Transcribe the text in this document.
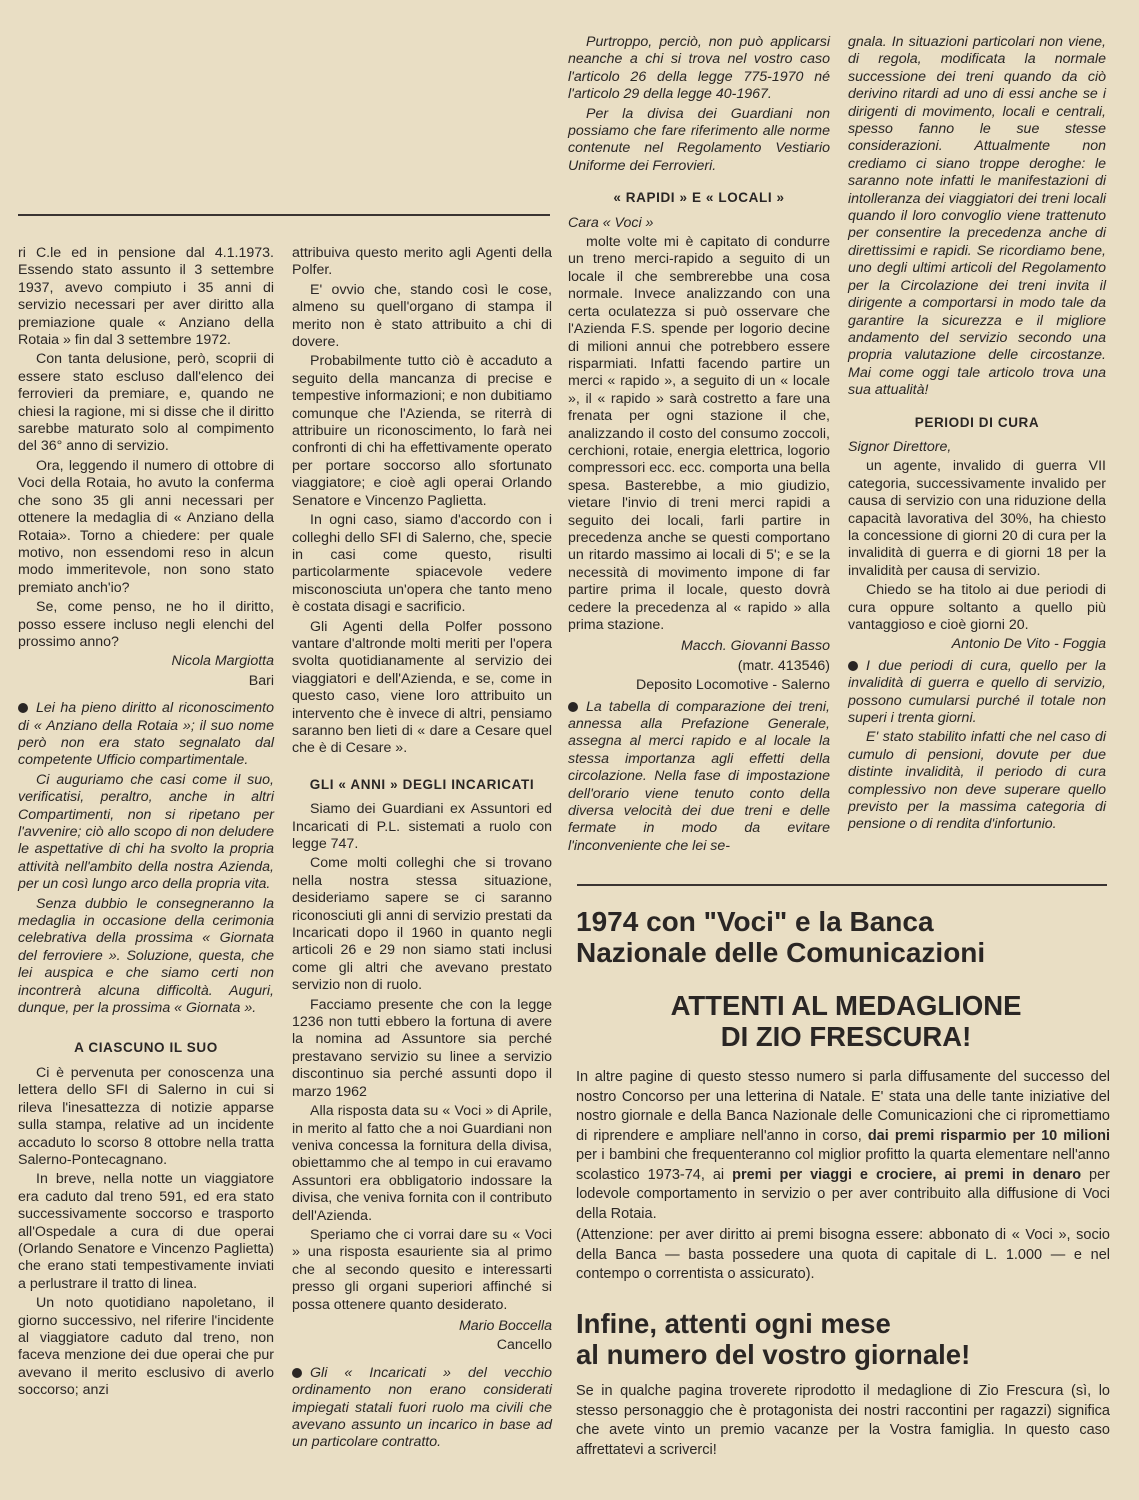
ri C.le ed in pensione dal 4.1.1973. Essendo stato assunto il 3 settembre 1937, avevo compiuto i 35 anni di servizio necessari per aver diritto alla premiazione quale « Anziano della Rotaia » fin dal 3 settembre 1972.

Con tanta delusione, però, scoprii di essere stato escluso dall'elenco dei ferrovieri da premiare, e, quando ne chiesi la ragione, mi si disse che il diritto sarebbe maturato solo al compimento del 36° anno di servizio.

Ora, leggendo il numero di ottobre di Voci della Rotaia, ho avuto la conferma che sono 35 gli anni necessari per ottenere la medaglia di « Anziano della Rotaia». Torno a chiedere: per quale motivo, non essendomi reso in alcun modo immeritevole, non sono stato premiato anch'io?

Se, come penso, ne ho il diritto, posso essere incluso negli elenchi del prossimo anno?

Nicola Margiotta

Bari

Lei ha pieno diritto al riconoscimento di « Anziano della Rotaia »; il suo nome però non era stato segnalato dal competente Ufficio compartimentale.

Ci auguriamo che casi come il suo, verificatisi, peraltro, anche in altri Compartimenti, non si ripetano per l'avvenire; ciò allo scopo di non deludere le aspettative di chi ha svolto la propria attività nell'ambito della nostra Azienda, per un così lungo arco della propria vita.

Senza dubbio le consegneranno la medaglia in occasione della cerimonia celebrativa della prossima « Giornata del ferroviere ». Soluzione, questa, che lei auspica e che siamo certi non incontrerà alcuna difficoltà. Auguri, dunque, per la prossima « Giornata ».

A CIASCUNO IL SUO

Ci è pervenuta per conoscenza una lettera dello SFI di Salerno in cui si rileva l'inesattezza di notizie apparse sulla stampa, relative ad un incidente accaduto lo scorso 8 ottobre nella tratta Salerno-Pontecagnano.

In breve, nella notte un viaggiatore era caduto dal treno 591, ed era stato successivamente soccorso e trasporto all'Ospedale a cura di due operai (Orlando Senatore e Vincenzo Paglietta) che erano stati tempestivamente inviati a perlustrare il tratto di linea.

Un noto quotidiano napoletano, il giorno successivo, nel riferire l'incidente al viaggiatore caduto dal treno, non faceva menzione dei due operai che pur avevano il merito esclusivo di averlo soccorso; anzi

attribuiva questo merito agli Agenti della Polfer.

E' ovvio che, stando così le cose, almeno su quell'organo di stampa il merito non è stato attribuito a chi di dovere.

Probabilmente tutto ciò è accaduto a seguito della mancanza di precise e tempestive informazioni; e non dubitiamo comunque che l'Azienda, se riterrà di attribuire un riconoscimento, lo farà nei confronti di chi ha effettivamente operato per portare soccorso allo sfortunato viaggiatore; e cioè agli operai Orlando Senatore e Vincenzo Paglietta.

In ogni caso, siamo d'accordo con i colleghi dello SFI di Salerno, che, specie in casi come questo, risulti particolarmente spiacevole vedere misconosciuta un'opera che tanto meno è costata disagi e sacrificio.

Gli Agenti della Polfer possono vantare d'altronde molti meriti per l'opera svolta quotidianamente al servizio dei viaggiatori e dell'Azienda, e se, come in questo caso, viene loro attribuito un intervento che è invece di altri, pensiamo saranno ben lieti di « dare a Cesare quel che è di Cesare ».

GLI « ANNI » DEGLI INCARICATI

Siamo dei Guardiani ex Assuntori ed Incaricati di P.L. sistemati a ruolo con legge 747.

Come molti colleghi che si trovano nella nostra stessa situazione, desideriamo sapere se ci saranno riconosciuti gli anni di servizio prestati da Incaricati dopo il 1960 in quanto negli articoli 26 e 29 non siamo stati inclusi come gli altri che avevano prestato servizio non di ruolo.

Facciamo presente che con la legge 1236 non tutti ebbero la fortuna di avere la nomina ad Assuntore sia perché prestavano servizio su linee a servizio discontinuo sia perché assunti dopo il marzo 1962

Alla risposta data su « Voci » di Aprile, in merito al fatto che a noi Guardiani non veniva concessa la fornitura della divisa, obiettammo che al tempo in cui eravamo Assuntori era obbligatorio indossare la divisa, che veniva fornita con il contributo dell'Azienda.

Speriamo che ci vorrai dare su « Voci » una risposta esauriente sia al primo che al secondo quesito e interessarti presso gli organi superiori affinché si possa ottenere quanto desiderato.

Mario Boccella

Cancello

Gli « Incaricati » del vecchio ordinamento non erano considerati impiegati statali fuori ruolo ma civili che avevano assunto un incarico in base ad un particolare contratto.

Purtroppo, perciò, non può applicarsi neanche a chi si trova nel vostro caso l'articolo 26 della legge 775-1970 né l'articolo 29 della legge 40-1967.

Per la divisa dei Guardiani non possiamo che fare riferimento alle norme contenute nel Regolamento Vestiario Uniforme dei Ferrovieri.

« RAPIDI » E « LOCALI »

Cara « Voci »

molte volte mi è capitato di condurre un treno merci-rapido a seguito di un locale il che sembrerebbe una cosa normale. Invece analizzando con una certa oculatezza si può osservare che l'Azienda F.S. spende per logorio decine di milioni annui che potrebbero essere risparmiati. Infatti facendo partire un merci « rapido », a seguito di un « locale », il « rapido » sarà costretto a fare una frenata per ogni stazione il che, analizzando il costo del consumo zoccoli, cerchioni, rotaie, energia elettrica, logorio compressori ecc. ecc. comporta una bella spesa. Basterebbe, a mio giudizio, vietare l'invio di treni merci rapidi a seguito dei locali, farli partire in precedenza anche se questi comportano un ritardo massimo ai locali di 5'; e se la necessità di movimento impone di far partire prima il locale, questo dovrà cedere la precedenza al « rapido » alla prima stazione.

Macch. Giovanni Basso

(matr. 413546)

Deposito Locomotive - Salerno

La tabella di comparazione dei treni, annessa alla Prefazione Generale, assegna al merci rapido e al locale la stessa importanza agli effetti della circolazione. Nella fase di impostazione dell'orario viene tenuto conto della diversa velocità dei due treni e delle fermate in modo da evitare l'inconveniente che lei se-

gnala. In situazioni particolari non viene, di regola, modificata la normale successione dei treni quando da ciò derivino ritardi ad uno di essi anche se i dirigenti di movimento, locali e centrali, spesso fanno le sue stesse considerazioni. Attualmente non crediamo ci siano troppe deroghe: le saranno note infatti le manifestazioni di intolleranza dei viaggiatori dei treni locali quando il loro convoglio viene trattenuto per consentire la precedenza anche di direttissimi e rapidi. Se ricordiamo bene, uno degli ultimi articoli del Regolamento per la Circolazione dei treni invita il dirigente a comportarsi in modo tale da garantire la sicurezza e il migliore andamento del servizio secondo una propria valutazione delle circostanze. Mai come oggi tale articolo trova una sua attualità!

PERIODI DI CURA

Signor Direttore,

un agente, invalido di guerra VII categoria, successivamente invalido per causa di servizio con una riduzione della capacità lavorativa del 30%, ha chiesto la concessione di giorni 20 di cura per la invalidità di guerra e di giorni 18 per la invalidità per causa di servizio.

Chiedo se ha titolo ai due periodi di cura oppure soltanto a quello più vantaggioso e cioè giorni 20.

Antonio De Vito - Foggia

I due periodi di cura, quello per la invalidità di guerra e quello di servizio, possono cumularsi purché il totale non superi i trenta giorni.

E' stato stabilito infatti che nel caso di cumulo di pensioni, dovute per due distinte invalidità, il periodo di cura complessivo non deve superare quello previsto per la massima categoria di pensione o di rendita d'infortunio.

1974 con "Voci" e la Banca
Nazionale delle Comunicazioni
ATTENTI AL MEDAGLIONE
DI ZIO FRESCURA!

In altre pagine di questo stesso numero si parla diffusamente del successo del nostro Concorso per una letterina di Natale. E' stata una delle tante iniziative del nostro giornale e della Banca Nazionale delle Comunicazioni che ci ripromettiamo di riprendere e ampliare nell'anno in corso, dai premi risparmio per 10 milioni per i bambini che frequenteranno col miglior profitto la quarta elementare nell'anno scolastico 1973-74, ai premi per viaggi e crociere, ai premi in denaro per lodevole comportamento in servizio o per aver contribuito alla diffusione di Voci della Rotaia.

(Attenzione: per aver diritto ai premi bisogna essere: abbonato di « Voci », socio della Banca — basta possedere una quota di capitale di L. 1.000 — e nel contempo o correntista o assicurato).

Infine, attenti ogni mese
al numero del vostro giornale!

Se in qualche pagina troverete riprodotto il medaglione di Zio Frescura (sì, lo stesso personaggio che è protagonista dei nostri raccontini per ragazzi) significa che avete vinto un premio vacanze per la Vostra famiglia. In questo caso affrettatevi a scriverci!
